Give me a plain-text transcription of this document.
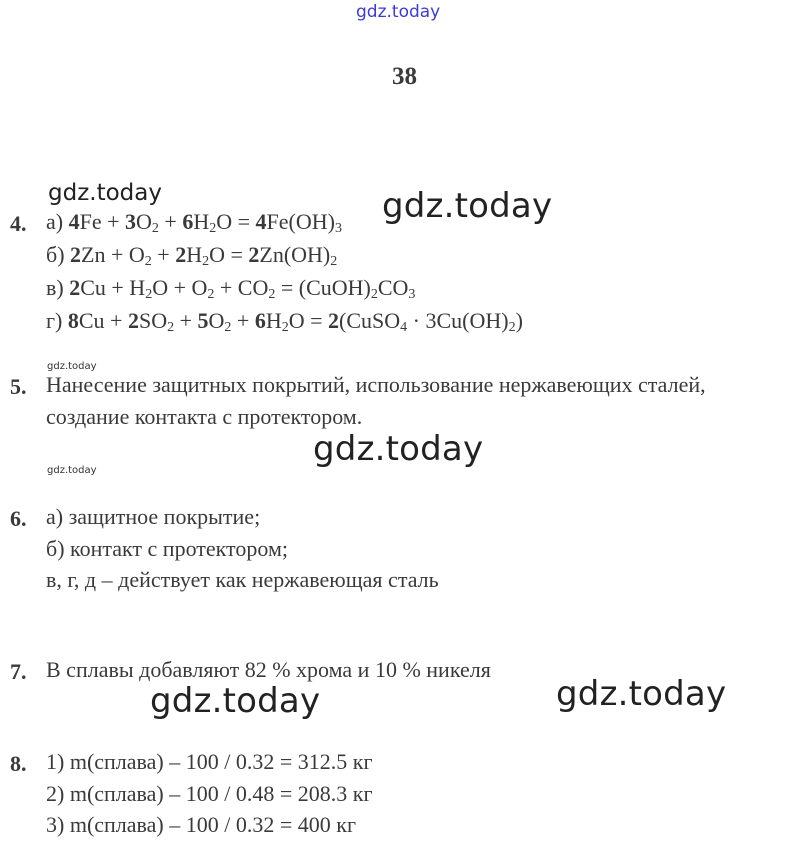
gdz.today
gdz.today	gdz.today
gdz.today
gdz.today
gdz.today
gdz.today	gdz.today
38
4. а) $4Fe + 3O_2 + 6H_2O = 4Fe(OH)_3$
б) $2Zn + O_2 + 2H_2O = 2Zn(OH)_2$
в) $2Cu + H_2O + O_2 + CO_2$ = $(CuOH)_2CO_3$
г) $8Cu + 2SO_2 + 5O_2 + 6H_2O$ = 2(CuSO$_4$ · $3Cu(OH)_2$)
5. Нанесение защитных покрытий, использование нержавеющих сталей,
создание контакта с протектором.
6. а) защитное покрытие;
б) контакт с протектором;
в, г, д – действует как нержавеющая сталь
7. В сплавы добавляют 82 % хрома и 10 % никеля
8. 1) m(сплава) – 100 / 0.32 = 312.5 кг
2) m(сплава) – 100 / 0.48 = 208.3 кг
3) m(сплава) – 100 / 0.32 = 400 кг
